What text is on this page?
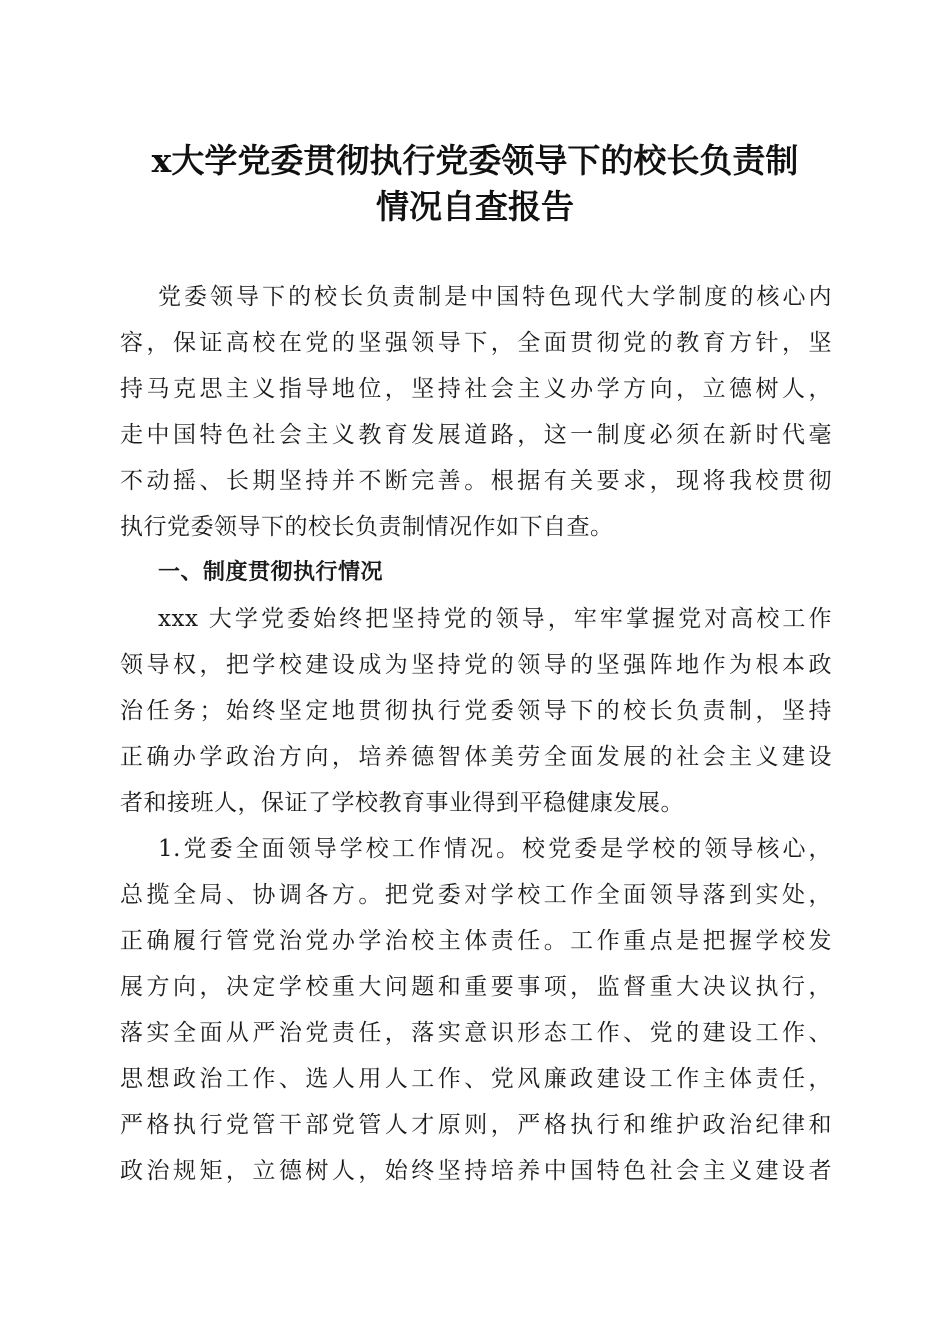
x大学党委贯彻执行党委领导下的校长负责制
情况自查报告
党委领导下的校长负责制是中国特色现代大学制度的核心内
容，保证高校在党的坚强领导下，全面贯彻党的教育方针，坚
持马克思主义指导地位，坚持社会主义办学方向，立德树人，
走中国特色社会主义教育发展道路，这一制度必须在新时代毫
不动摇、长期坚持并不断完善。根据有关要求，现将我校贯彻
执行党委领导下的校长负责制情况作如下自查。
一、制度贯彻执行情况
xxx 大学党委始终把坚持党的领导，牢牢掌握党对高校工作
领导权，把学校建设成为坚持党的领导的坚强阵地作为根本政
治任务；始终坚定地贯彻执行党委领导下的校长负责制，坚持
正确办学政治方向，培养德智体美劳全面发展的社会主义建设
者和接班人，保证了学校教育事业得到平稳健康发展。
1.党委全面领导学校工作情况。校党委是学校的领导核心，
总揽全局、协调各方。把党委对学校工作全面领导落到实处，
正确履行管党治党办学治校主体责任。工作重点是把握学校发
展方向，决定学校重大问题和重要事项，监督重大决议执行，
落实全面从严治党责任，落实意识形态工作、党的建设工作、
思想政治工作、选人用人工作、党风廉政建设工作主体责任，
严格执行党管干部党管人才原则，严格执行和维护政治纪律和
政治规矩，立德树人，始终坚持培养中国特色社会主义建设者
